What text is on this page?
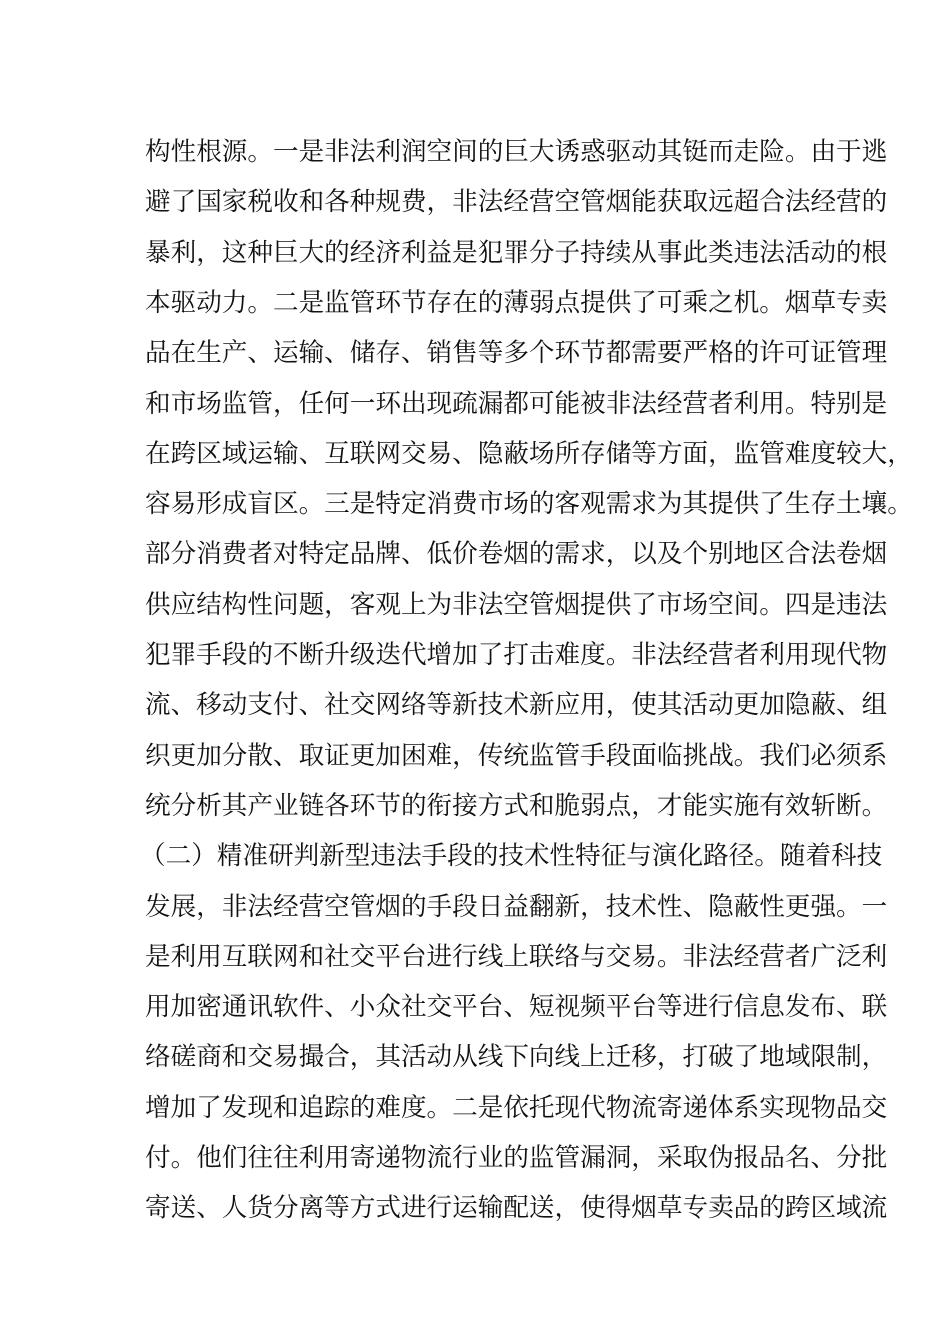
构性根源。一是非法利润空间的巨大诱惑驱动其铤而走险。由于逃
避了国家税收和各种规费，非法经营空管烟能获取远超合法经营的
暴利，这种巨大的经济利益是犯罪分子持续从事此类违法活动的根
本驱动力。二是监管环节存在的薄弱点提供了可乘之机。烟草专卖
品在生产、运输、储存、销售等多个环节都需要严格的许可证管理
和市场监管，任何一环出现疏漏都可能被非法经营者利用。特别是
在跨区域运输、互联网交易、隐蔽场所存储等方面，监管难度较大，
容易形成盲区。三是特定消费市场的客观需求为其提供了生存土壤。
部分消费者对特定品牌、低价卷烟的需求，以及个别地区合法卷烟
供应结构性问题，客观上为非法空管烟提供了市场空间。四是违法
犯罪手段的不断升级迭代增加了打击难度。非法经营者利用现代物
流、移动支付、社交网络等新技术新应用，使其活动更加隐蔽、组
织更加分散、取证更加困难，传统监管手段面临挑战。我们必须系
统分析其产业链各环节的衔接方式和脆弱点，才能实施有效斩断。
（二）精准研判新型违法手段的技术性特征与演化路径。随着科技
发展，非法经营空管烟的手段日益翻新，技术性、隐蔽性更强。一
是利用互联网和社交平台进行线上联络与交易。非法经营者广泛利
用加密通讯软件、小众社交平台、短视频平台等进行信息发布、联
络磋商和交易撮合，其活动从线下向线上迁移，打破了地域限制，
增加了发现和追踪的难度。二是依托现代物流寄递体系实现物品交
付。他们往往利用寄递物流行业的监管漏洞，采取伪报品名、分批
寄送、人货分离等方式进行运输配送，使得烟草专卖品的跨区域流
